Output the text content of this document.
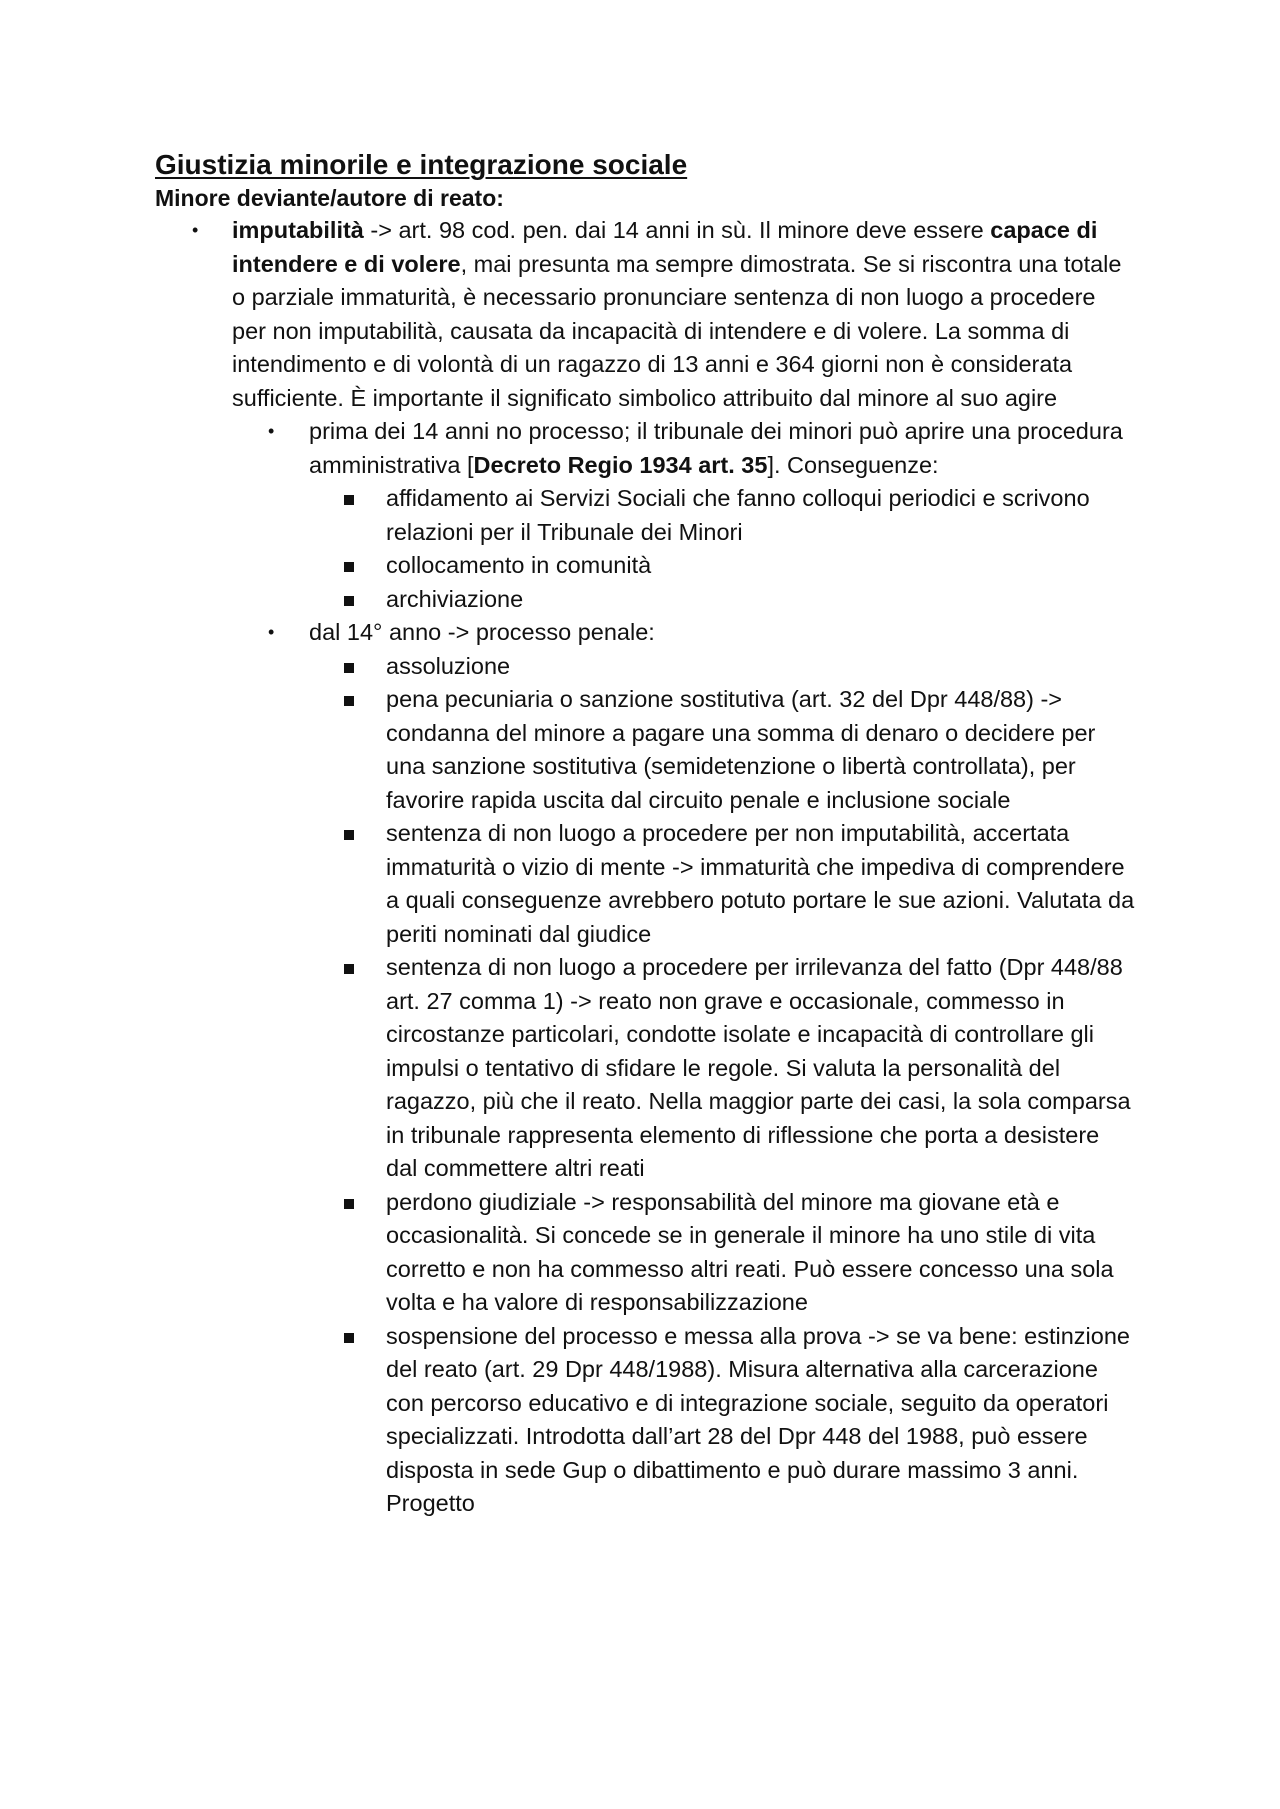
Giustizia minorile e integrazione sociale

Minore deviante/autore di reato:

• imputabilità -> art. 98 cod. pen. dai 14 anni in sù. Il minore deve essere capace di intendere e di volere, mai presunta ma sempre dimostrata. Se si riscontra una totale o parziale immaturità, è necessario pronunciare sentenza di non luogo a procedere per non imputabilità, causata da incapacità di intendere e di volere. La somma di intendimento e di volontà di un ragazzo di 13 anni e 364 giorni non è considerata sufficiente. È importante il significato simbolico attribuito dal minore al suo agire
• prima dei 14 anni no processo; il tribunale dei minori può aprire una procedura amministrativa [Decreto Regio 1934 art. 35]. Conseguenze:
affidamento ai Servizi Sociali che fanno colloqui periodici e scrivono relazioni per il Tribunale dei Minori
collocamento in comunità
archiviazione
• dal 14° anno -> processo penale:
assoluzione
pena pecuniaria o sanzione sostitutiva (art. 32 del Dpr 448/88) -> condanna del minore a pagare una somma di denaro o decidere per una sanzione sostitutiva (semidetenzione o libertà controllata), per favorire rapida uscita dal circuito penale e inclusione sociale
sentenza di non luogo a procedere per non imputabilità, accertata immaturità o vizio di mente -> immaturità che impediva di comprendere a quali conseguenze avrebbero potuto portare le sue azioni. Valutata da periti nominati dal giudice
sentenza di non luogo a procedere per irrilevanza del fatto (Dpr 448/88 art. 27 comma 1) -> reato non grave e occasionale, commesso in circostanze particolari, condotte isolate e incapacità di controllare gli impulsi o tentativo di sfidare le regole. Si valuta la personalità del ragazzo, più che il reato. Nella maggior parte dei casi, la sola comparsa in tribunale rappresenta elemento di riflessione che porta a desistere dal commettere altri reati
perdono giudiziale -> responsabilità del minore ma giovane età e occasionalità. Si concede se in generale il minore ha uno stile di vita corretto e non ha commesso altri reati. Può essere concesso una sola volta e ha valore di responsabilizzazione
sospensione del processo e messa alla prova -> se va bene: estinzione del reato (art. 29 Dpr 448/1988). Misura alternativa alla carcerazione con percorso educativo e di integrazione sociale, seguito da operatori specializzati. Introdotta dall’art 28 del Dpr 448 del 1988, può essere disposta in sede Gup o dibattimento e può durare massimo 3 anni. Progetto
